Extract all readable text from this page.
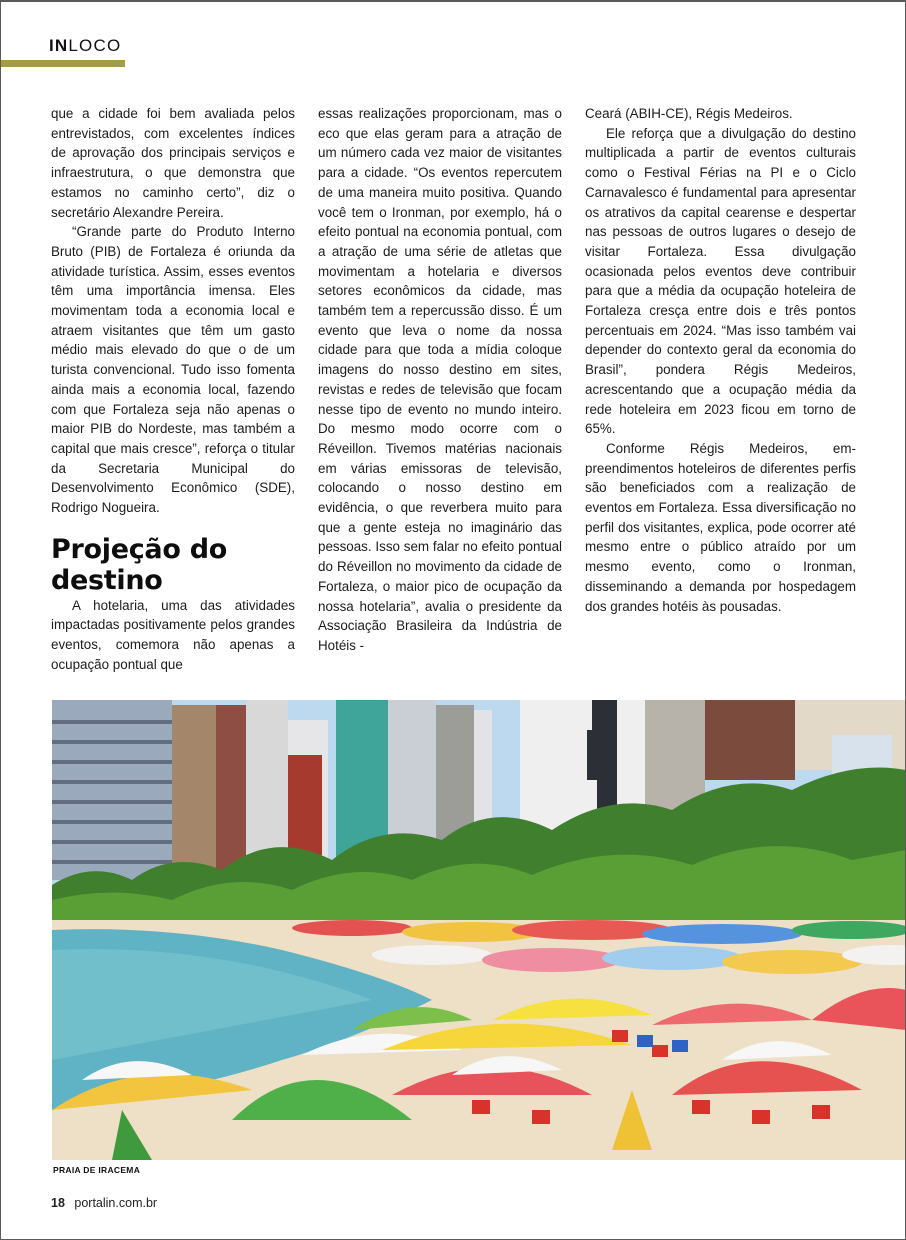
INLOCO

que a cidade foi bem avaliada pelos entrevistados, com excelentes índices de aprovação dos principais serviços e infraestrutura, o que demonstra que estamos no caminho certo”, diz o secretário Alexandre Pereira.

“Grande parte do Produto Interno Bruto (PIB) de Fortaleza é oriunda da atividade turística. Assim, esses eventos têm uma importância imensa. Eles movimentam toda a economia local e atraem visitantes que têm um gasto médio mais elevado do que o de um turista convencional. Tudo isso fomenta ainda mais a economia local, fazendo com que Fortaleza seja não apenas o maior PIB do Nordeste, mas também a capital que mais cresce”, reforça o titular da Secretaria Municipal do Desenvolvimento Econômico (SDE), Rodrigo Nogueira.

Projeção do destino

A hotelaria, uma das atividades impactadas positivamente pelos grandes eventos, comemora não apenas a ocupação pontual que

essas realizações proporcionam, mas o eco que elas geram para a atração de um número cada vez maior de visitantes para a cidade. “Os eventos repercutem de uma maneira muito positiva. Quando você tem o Ironman, por exemplo, há o efeito pontual na economia pontual, com a atração de uma série de atletas que movimentam a hotelaria e diversos setores econômicos da cidade, mas também tem a repercussão disso. É um evento que leva o nome da nossa cidade para que toda a mídia coloque imagens do nosso destino em sites, revistas e redes de televisão que focam nesse tipo de evento no mundo inteiro. Do mesmo modo ocorre com o Réveillon. Tivemos matérias nacionais em várias emissoras de televisão, colocando o nosso destino em evidência, o que reverbera muito para que a gente esteja no imaginário das pessoas. Isso sem falar no efeito pontual do Réveillon no movimento da cidade de Fortaleza, o maior pico de ocupação da nossa hotelaria”, avalia o presidente da Associação Brasileira da Indústria de Hotéis -

Ceará (ABIH-CE), Régis Medeiros.

Ele reforça que a divulgação do destino multiplicada a partir de eventos culturais como o Festival Férias na PI e o Ciclo Carnavalesco é fundamental para apresentar os atrativos da capital cearense e despertar nas pessoas de outros lugares o desejo de visitar Fortaleza. Essa divulgação ocasionada pelos eventos deve contribuir para que a média da ocupação hoteleira de Fortaleza cresça entre dois e três pontos percentuais em 2024. “Mas isso também vai depender do contexto geral da economia do Brasil”, pondera Régis Medeiros, acrescentando que a ocupação média da rede hoteleira em 2023 ficou em torno de 65%.

Conforme Régis Medeiros, empreendimentos hoteleiros de diferentes perfis são beneficiados com a realização de eventos em Fortaleza. Essa diversificação no perfil dos visitantes, explica, pode ocorrer até mesmo entre o público atraído por um mesmo evento, como o Ironman, disseminando a demanda por hospedagem dos grandes hotéis às pousadas.

PRAIA DE IRACEMA
18 portalin.com.br
